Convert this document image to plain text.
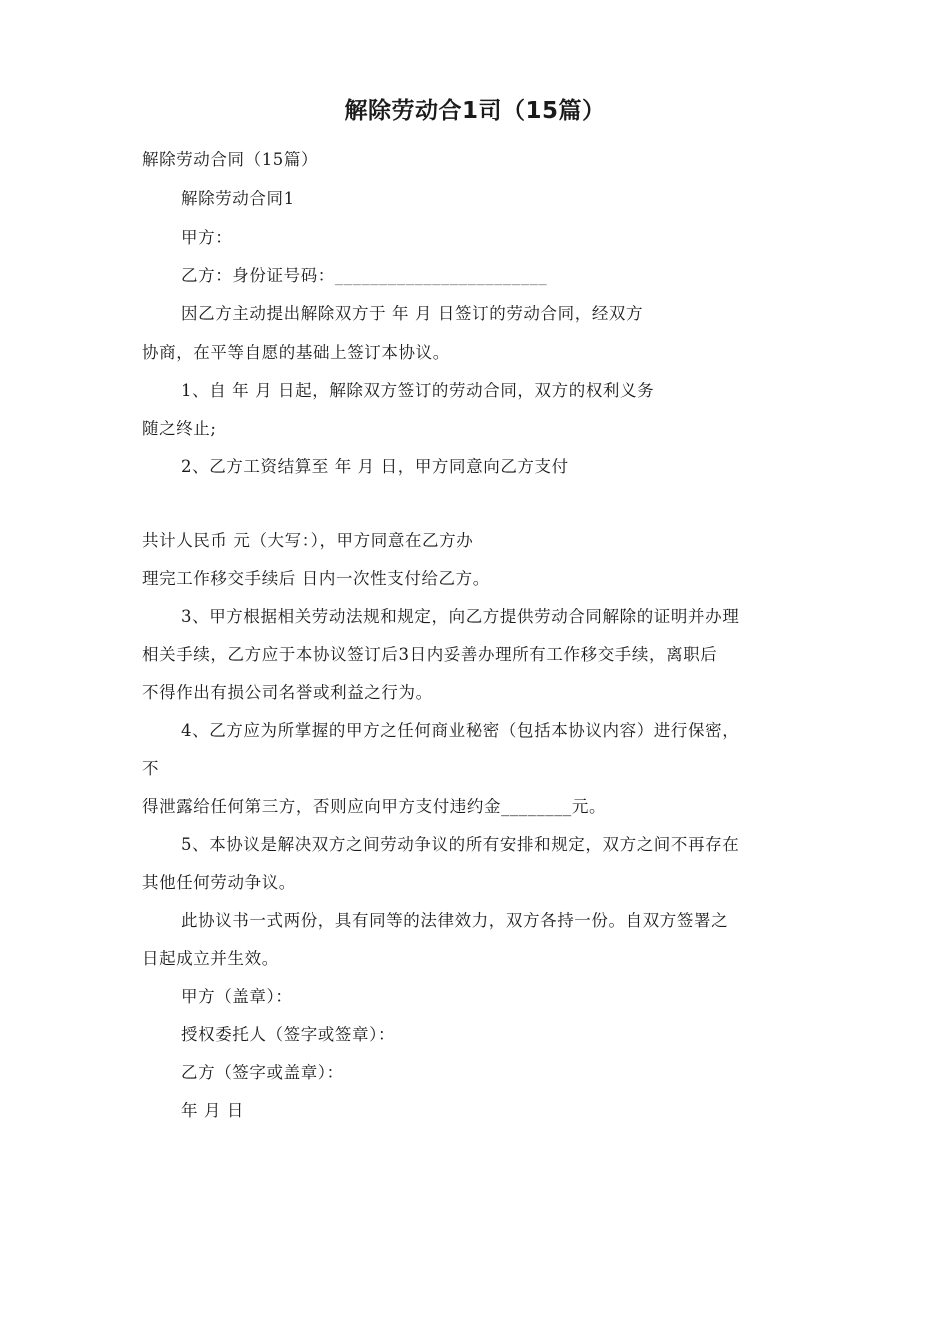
解除劳动合1司（15篇）
解除劳动合同（15篇）
解除劳动合同1
甲方：
乙方：身份证号码：________________________
因乙方主动提出解除双方于 年 月 日签订的劳动合同，经双方
协商，在平等自愿的基础上签订本协议。
1、自 年 月 日起，解除双方签订的劳动合同，双方的权利义务
随之终止;
2、乙方工资结算至 年 月 日，甲方同意向乙方支付
共计人民币 元（大写：），甲方同意在乙方办
理完工作移交手续后 日内一次性支付给乙方。
3、甲方根据相关劳动法规和规定，向乙方提供劳动合同解除的证明并办理
相关手续，乙方应于本协议签订后3日内妥善办理所有工作移交手续，离职后
不得作出有损公司名誉或利益之行为。
4、乙方应为所掌握的甲方之任何商业秘密（包括本协议内容）进行保密，
不
得泄露给任何第三方，否则应向甲方支付违约金________元。
5、本协议是解决双方之间劳动争议的所有安排和规定，双方之间不再存在
其他任何劳动争议。
此协议书一式两份，具有同等的法律效力，双方各持一份。自双方签署之
日起成立并生效。
甲方（盖章）：
授权委托人（签字或签章）：
乙方（签字或盖章）：
年 月 日
